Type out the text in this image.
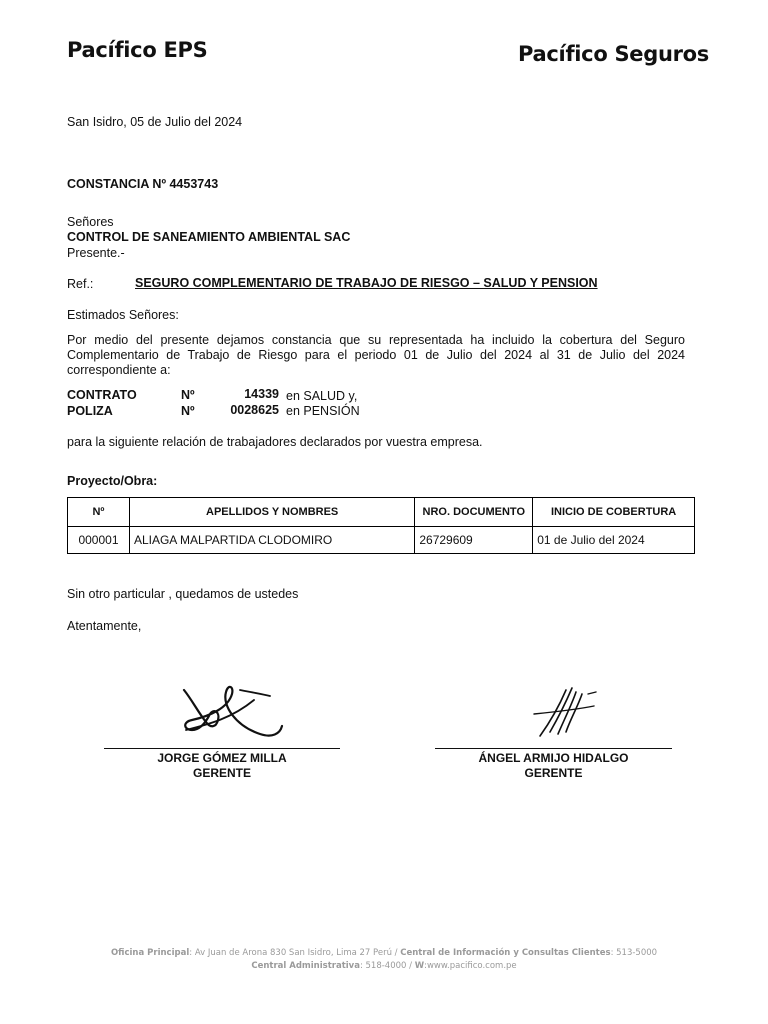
Pacífico EPS	Pacífico Seguros
San Isidro, 05 de Julio del 2024
CONSTANCIA Nº 4453743
Señores
CONTROL DE SANEAMIENTO AMBIENTAL SAC
Presente.-
Ref.:	SEGURO COMPLEMENTARIO DE TRABAJO DE RIESGO – SALUD Y PENSION
Estimados Señores:
Por medio del presente dejamos constancia que su representada ha incluido la cobertura del Seguro Complementario de Trabajo de Riesgo para el periodo 01 de Julio del 2024 al 31 de Julio del 2024 correspondiente a:
CONTRATO	Nº	14339 en SALUD y,
POLIZA	Nº	0028625 en PENSIÓN
para la siguiente relación de trabajadores declarados por vuestra empresa.
Proyecto/Obra:
Nº	APELLIDOS Y NOMBRES	NRO. DOCUMENTO	INICIO DE COBERTURA
000001	ALIAGA MALPARTIDA CLODOMIRO	26729609	01 de Julio del 2024
Sin otro particular , quedamos de ustedes
Atentamente,
JORGE GÓMEZ MILLA
GERENTE
ÁNGEL ARMIJO HIDALGO
GERENTE
Oficina Principal: Av Juan de Arona 830 San Isidro, Lima 27 Perú / Central de Información y Consultas Clientes: 513-5000
Central Administrativa: 518-4000 / W:www.pacifico.com.pe
